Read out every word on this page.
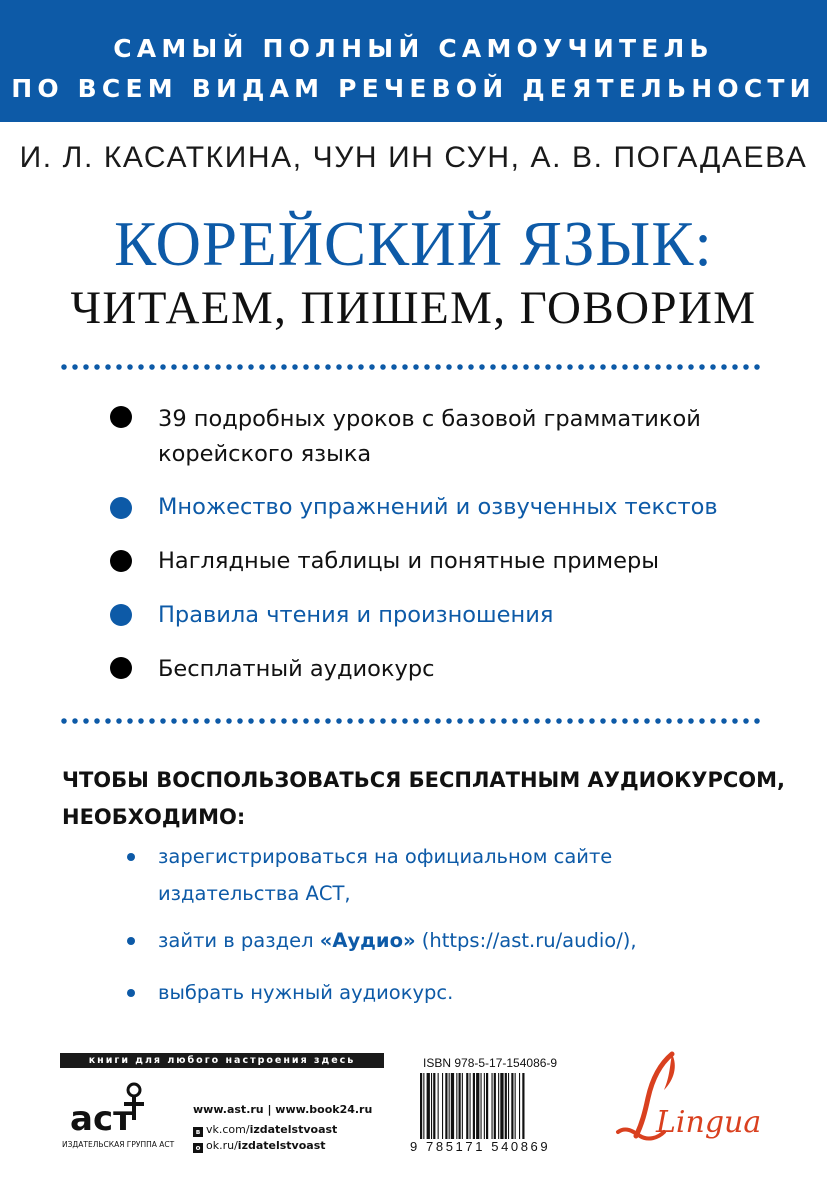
САМЫЙ ПОЛНЫЙ САМОУЧИТЕЛЬ
ПО ВСЕМ ВИДАМ РЕЧЕВОЙ ДЕЯТЕЛЬНОСТИ
И. Л. КАСАТКИНА, ЧУН ИН СУН, А. В. ПОГАДАЕВА
КОРЕЙСКИЙ ЯЗЫК:
ЧИТАЕМ, ПИШЕМ, ГОВОРИМ
39 подробных уроков с базовой грамматикой
корейского языка
Множество упражнений и озвученных текстов
Наглядные таблицы и понятные примеры
Правила чтения и произношения
Бесплатный аудиокурс
ЧТОБЫ ВОСПОЛЬЗОВАТЬСЯ БЕСПЛАТНЫМ АУДИОКУРСОМ,
НЕОБХОДИМО:
зарегистрироваться на официальном сайте
издательства АСТ,
зайти в раздел «Аудио» (https://ast.ru/audio/),
выбрать нужный аудиокурс.
книги для любого настроения здесь
аст
ИЗДАТЕЛЬСКАЯ ГРУППА АСТ
www.ast.ru | www.book24.ru
в vk.com/izdatelstvoast
о ok.ru/izdatelstvoast
ISBN 978-5-17-154086-9
9 785171 540869
Lingua
